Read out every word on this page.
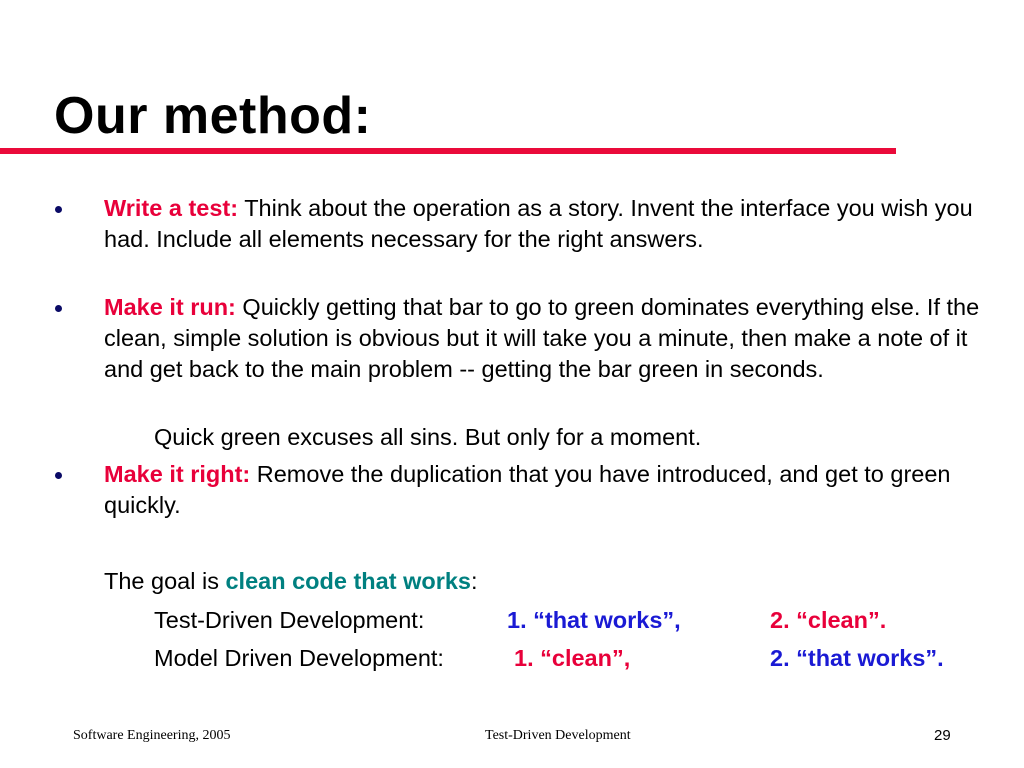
Our method:
Write a test: Think about the operation as a story. Invent the interface you wish you had. Include all elements necessary for the right answers.
Make it run: Quickly getting that bar to go to green dominates everything else. If the clean, simple solution is obvious but it will take you a minute, then make a note of it and get back to the main problem -- getting the bar green in seconds.
Quick green excuses all sins. But only for a moment.
Make it right: Remove the duplication that you have introduced, and get to green quickly.
The goal is clean code that works:
Test-Driven Development:	1. “that works”,	2. “clean”.
Model Driven Development:	1. “clean”,	2. “that works”.
Software Engineering, 2005	Test-Driven Development	29
